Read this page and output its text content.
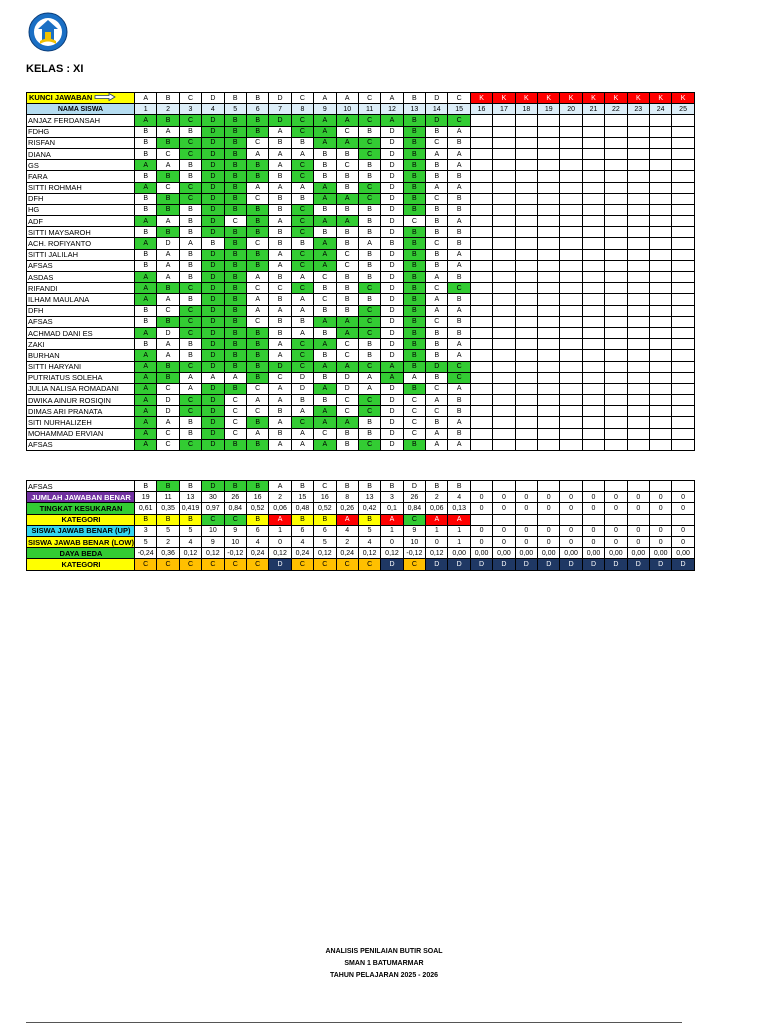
KELAS : XI
KUNCI JAWABAN	A	B	C	D	B	B	D	C	A	A	C	A	B	D	C	K	K	K	K	K	K	K	K	K	K
NAMA SISWA	1	2	3	4	5	6	7	8	9	10	11	12	13	14	15	16	17	18	19	20	21	22	23	24	25
ANJAZ FERDANSAH	A	B	C	D	B	B	D	C	A	A	C	A	B	D	C										
FDHG	B	A	B	D	B	B	A	C	A	C	B	D	B	B	A										
RISFAN	B	B	C	D	B	C	B	B	A	A	C	D	B	C	B										
DIANA	B	C	C	D	B	A	A	A	B	B	C	D	B	A	A										
GS	A	A	B	D	B	B	A	C	B	C	B	D	B	B	A										
FARA	B	B	B	D	B	B	B	C	B	B	B	D	B	B	B										
SITTI ROHMAH	A	C	C	D	B	A	A	A	A	B	C	D	B	A	A										
DFH	B	B	C	D	B	C	B	B	A	A	C	D	B	C	B										
HG	B	B	B	D	B	B	B	C	B	B	B	D	B	B	B										
ADF	A	A	B	D	C	B	A	C	A	A	B	D	C	B	A										
SITTI MAYSAROH	B	B	B	D	B	B	B	C	B	B	B	D	B	B	B										
ACH. ROFIYANTO	A	D	A	B	B	C	B	B	A	B	A	B	B	C	B										
SITTI JALILAH	B	A	B	D	B	B	A	C	A	C	B	D	B	B	A										
AFSAS	B	A	B	D	B	B	A	C	A	C	B	D	B	B	A										
ASDAS	A	A	B	D	B	A	B	A	C	B	B	D	B	A	B										
RIFANDI	A	B	C	D	B	C	C	C	B	B	C	D	B	C	C										
ILHAM MAULANA	A	A	B	D	B	A	B	A	C	B	B	D	B	A	B										
DFH	B	C	C	D	B	A	A	A	B	B	C	D	B	A	A										
AFSAS	B	B	C	D	B	C	B	B	A	A	C	D	B	C	B										
ACHMAD DANI ES	A	D	C	D	B	B	B	A	B	A	C	D	B	B	B										
ZAKI	B	A	B	D	B	B	A	C	A	C	B	D	B	B	A										
BURHAN	A	A	B	D	B	B	A	C	B	C	B	D	B	B	A										
SITTI HARYANI	A	B	C	D	B	B	D	C	A	A	C	A	B	D	C										
PUTRIATUS SOLEHA	A	B	A	A	A	B	C	D	B	D	A	A	A	B	C										
JULIA NALISA ROMADANI	A	C	A	D	B	C	A	D	A	D	A	D	B	C	A										
DWIKA AINUR ROSIQIN	A	D	C	D	C	A	A	B	B	C	C	D	C	A	B										
DIMAS ARI PRANATA	A	D	C	D	C	C	B	A	A	C	C	D	C	C	B										
SITI NURHALIZEH	A	A	B	D	C	B	A	C	A	A	B	D	C	B	A										
MOHAMMAD ERVIAN	A	C	B	D	C	A	B	A	C	B	B	D	C	A	B										
AFSAS	A	C	C	D	B	B	A	A	A	B	C	D	B	A	A										
AFSAS	B	B	B	D	B	B	A	B	C	B	B	B	D	B	B										
JUMLAH JAWABAN BENAR	19	11	13	30	26	16	2	15	16	8	13	3	26	2	4	0	0	0	0	0	0	0	0	0	0
TINGKAT KESUKARAN	0,61	0,35	0,419	0,97	0,84	0,52	0,06	0,48	0,52	0,26	0,42	0,1	0,84	0,06	0,13	0	0	0	0	0	0	0	0	0	0
KATEGORI	B	B	B	C	C	B	A	B	B	A	B	A	C	A	A										
SISWA JAWAB BENAR (UP)	3	5	5	10	9	6	1	6	6	4	5	1	9	1	1	0	0	0	0	0	0	0	0	0	0
SISWA JAWAB BENAR (LOW)	5	2	4	9	10	4	0	4	5	2	4	0	10	0	1	0	0	0	0	0	0	0	0	0	0
DAYA BEDA	-0,24	0,36	0,12	0,12	-0,12	0,24	0,12	0,24	0,12	0,24	0,12	0,12	-0,12	0,12	0,00	0,00	0,00	0,00	0,00	0,00	0,00	0,00	0,00	0,00	0,00
KATEGORI	C	C	C	C	C	C	D	C	C	C	C	D	C	D	D	D	D	D	D	D	D	D	D	D	D
ANALISIS PENILAIAN BUTIR SOAL
SMAN 1 BATUMARMAR
TAHUN PELAJARAN 2025 - 2026
